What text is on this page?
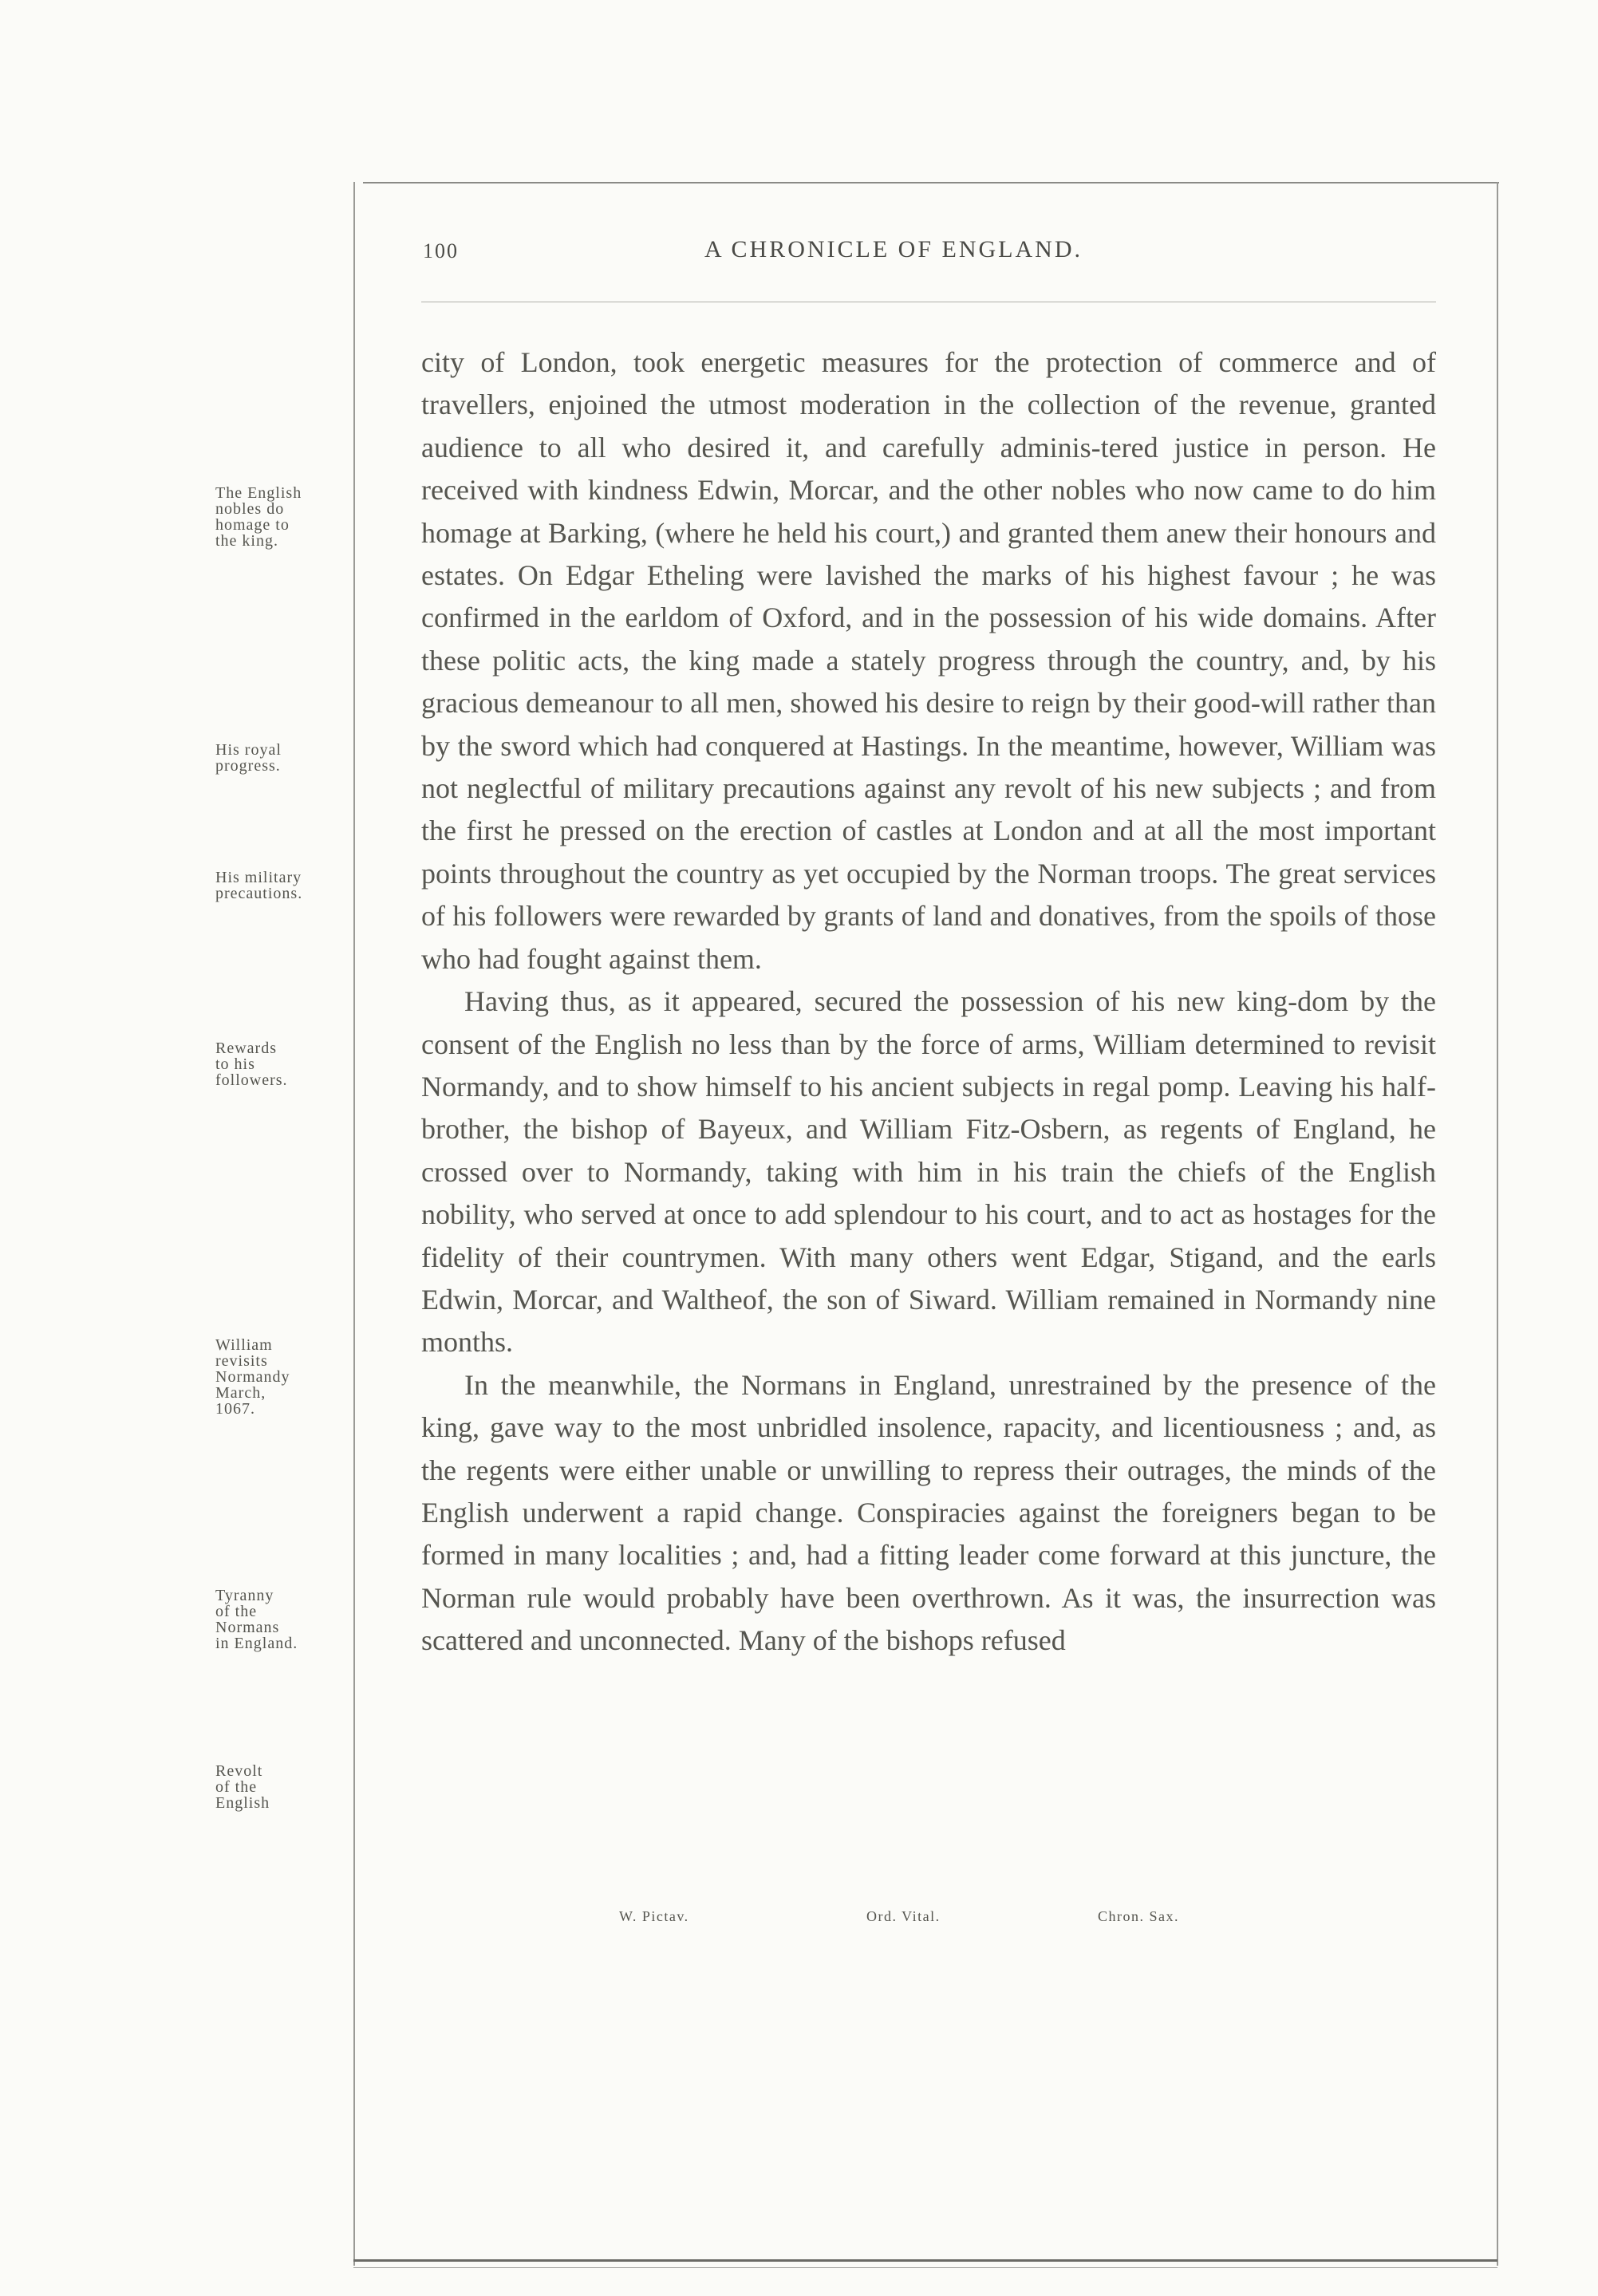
100	A CHRONICLE OF ENGLAND.
The English
nobles do
homage to
the king.
His royal
progress.
His military
precautions.
Rewards
to his
followers.
William
revisits
Normandy
March,
1067.
Tyranny
of the
Normans
in England.
Revolt
of the
English

city of London, took energetic measures for the protection of commerce and of travellers, enjoined the utmost moderation in the collection of the revenue, granted audience to all who desired it, and carefully adminis-tered justice in person. He received with kindness Edwin, Morcar, and the other nobles who now came to do him homage at Barking, (where he held his court,) and granted them anew their honours and estates. On Edgar Etheling were lavished the marks of his highest favour ; he was confirmed in the earldom of Oxford, and in the possession of his wide domains. After these politic acts, the king made a stately progress through the country, and, by his gracious demeanour to all men, showed his desire to reign by their good-will rather than by the sword which had conquered at Hastings. In the meantime, however, William was not neglectful of military precautions against any revolt of his new subjects ; and from the first he pressed on the erection of castles at London and at all the most important points throughout the country as yet occupied by the Norman troops. The great services of his followers were rewarded by grants of land and donatives, from the spoils of those who had fought against them.

Having thus, as it appeared, secured the possession of his new king-dom by the consent of the English no less than by the force of arms, William determined to revisit Normandy, and to show himself to his ancient subjects in regal pomp. Leaving his half-brother, the bishop of Bayeux, and William Fitz-Osbern, as regents of England, he crossed over to Normandy, taking with him in his train the chiefs of the English nobility, who served at once to add splendour to his court, and to act as hostages for the fidelity of their countrymen. With many others went Edgar, Stigand, and the earls Edwin, Morcar, and Waltheof, the son of Siward. William remained in Normandy nine months.

In the meanwhile, the Normans in England, unrestrained by the presence of the king, gave way to the most unbridled insolence, rapacity, and licentiousness ; and, as the regents were either unable or unwilling to repress their outrages, the minds of the English underwent a rapid change. Conspiracies against the foreigners began to be formed in many localities ; and, had a fitting leader come forward at this juncture, the Norman rule would probably have been overthrown. As it was, the insurrection was scattered and unconnected. Many of the bishops refused

W. Pictav.	Ord. Vital.	Chron. Sax.
